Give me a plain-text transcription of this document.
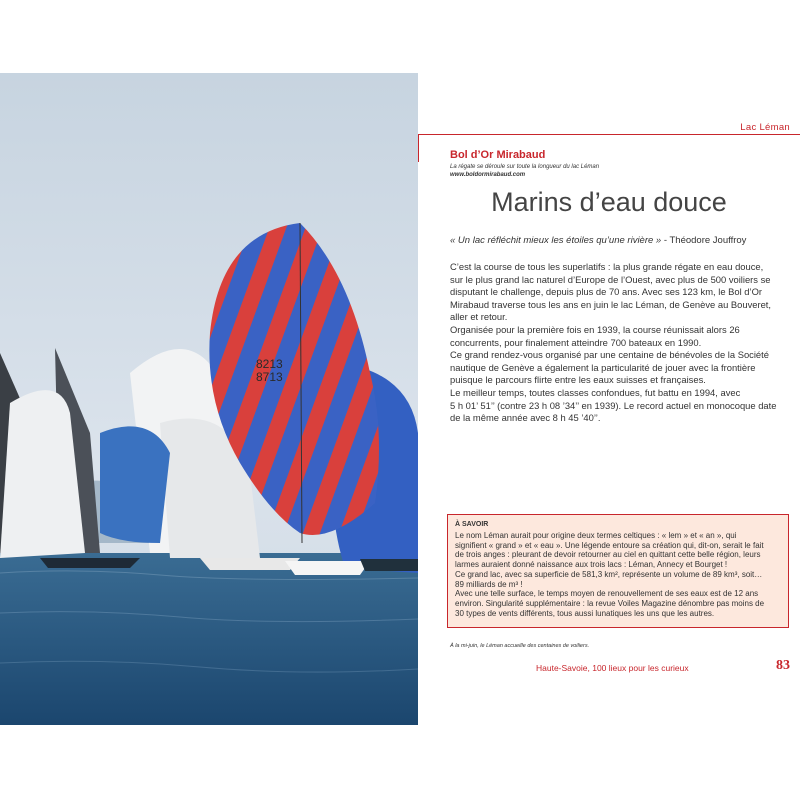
8213
8713
Lac Léman
Bol d’Or Mirabaud
La régate se déroule sur toute la longueur du lac Léman
www.boldormirabaud.com
Marins d’eau douce
« Un lac réfléchit mieux les étoiles qu’une rivière » - Théodore Jouffroy

C’est la course de tous les superlatifs : la plus grande régate en eau douce,

sur le plus grand lac naturel d’Europe de l’Ouest, avec plus de 500 voiliers se

disputant le challenge, depuis plus de 70 ans. Avec ses 123 km, le Bol d’Or

Mirabaud traverse tous les ans en juin le lac Léman, de Genève au Bouveret,

aller et retour.

Organisée pour la première fois en 1939, la course réunissait alors 26

concurrents, pour finalement atteindre 700 bateaux en 1990.

Ce grand rendez-vous organisé par une centaine de bénévoles de la Société

nautique de Genève a également la particularité de jouer avec la frontière

puisque le parcours flirte entre les eaux suisses et françaises.

Le meilleur temps, toutes classes confondues, fut battu en 1994, avec

5 h 01’ 51’’ (contre 23 h 08 ’34’’ en 1939). Le record actuel en monocoque date

de la même année avec 8 h 45 ’40’’.

À SAVOIR

Le nom Léman aurait pour origine deux termes celtiques : « lem » et « an », qui

signifient « grand » et « eau ». Une légende entoure sa création qui, dit-on, serait le fait

de trois anges : pleurant de devoir retourner au ciel en quittant cette belle région, leurs

larmes auraient donné naissance aux trois lacs : Léman, Annecy et Bourget !

Ce grand lac, avec sa superficie de 581,3 km², représente un volume de 89 km³, soit…

89 milliards de m³ !

Avec une telle surface, le temps moyen de renouvellement de ses eaux est de 12 ans

environ. Singularité supplémentaire : la revue Voiles Magazine dénombre pas moins de

30 types de vents différents, tous aussi lunatiques les uns que les autres.

À la mi-juin, le Léman accueille des centaines de voiliers.
Haute-Savoie, 100 lieux pour les curieux	83
